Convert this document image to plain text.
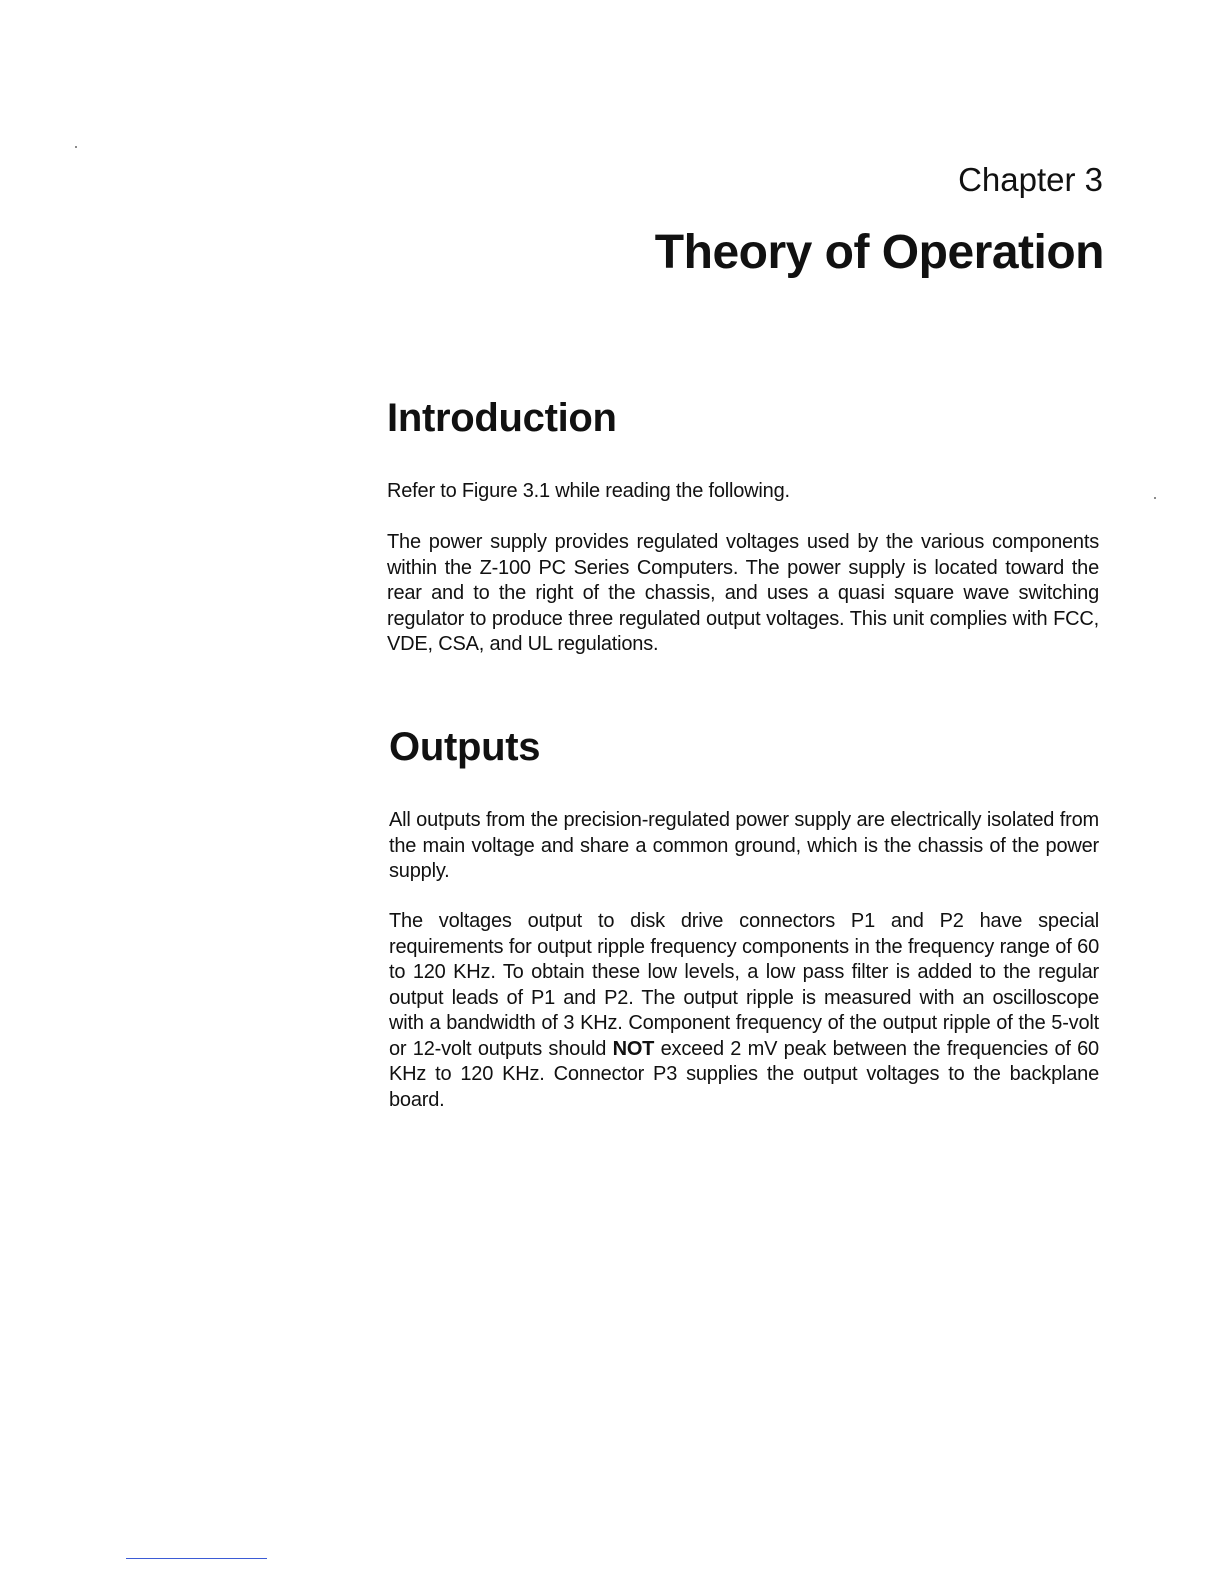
Chapter 3
Theory of Operation
Introduction

Refer to Figure 3.1 while reading the following.

The power supply provides regulated voltages used by the various components within the Z-100 PC Series Computers. The power supply is located toward the rear and to the right of the chassis, and uses a quasi square wave switching regulator to produce three regulated output voltages. This unit complies with FCC, VDE, CSA, and UL regulations.

Outputs

All outputs from the precision-regulated power supply are electrically isolated from the main voltage and share a common ground, which is the chassis of the power supply.

The voltages output to disk drive connectors P1 and P2 have special requirements for output ripple frequency components in the frequency range of 60 to 120 KHz. To obtain these low levels, a low pass filter is added to the regular output leads of P1 and P2. The output ripple is measured with an oscilloscope with a bandwidth of 3 KHz. Component frequency of the output ripple of the 5-volt or 12-volt outputs should NOT exceed 2 mV peak between the frequencies of 60 KHz to 120 KHz. Connector P3 supplies the output voltages to the backplane board.
